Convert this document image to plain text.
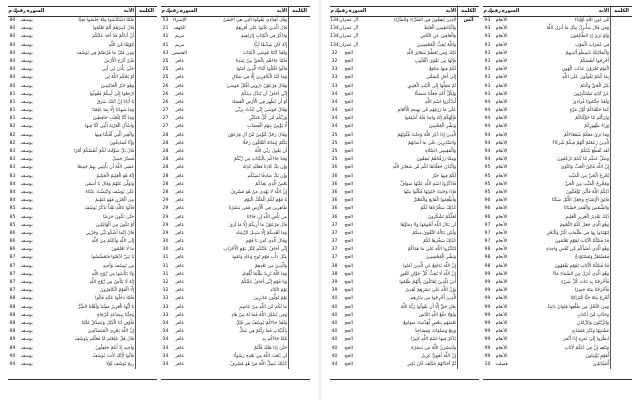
الكلمة
الآية
السورة
رقم
ك
م
وَقُل لِّعِبَادِي يَقُولُوا الَّتِي هِيَ أَحْسَنُ
الإسراء
53
قَالَ الَّذِينَ غَلَبُوا عَلَىٰ أَمْرِهِمْ
الكهف
21
وَاذْكُرْ فِي الْكِتَابِ إِبْرَاهِيمَ
مريم
41
إِنَّهُ كَانَ صِدِّيقًا نَّبِيًّا
مريم
41
وَلَقَدْ آتَيْنَا مُوسَى الْكِتَابَ
القصص
43
فَلَمَّا جَاءَهُم بِالْحَقِّ مِنْ عِندِنَا
غافر
25
قَالُوا اقْتُلُوا أَبْنَاءَ الَّذِينَ آمَنُوا
غافر
25
وَمَا كَيْدُ الْكَافِرِينَ إِلَّا فِي ضَلَالٍ
غافر
25
وَقَالَ فِرْعَوْنُ ذَرُونِي أَقْتُلْ مُوسَىٰ
غافر
26
إِنِّي أَخَافُ أَن يُبَدِّلَ دِينَكُمْ
غافر
26
أَوْ أَن يُظْهِرَ فِي الْأَرْضِ الْفَسَادَ
غافر
26
وَقَالَ مُوسَىٰ إِنِّي عُذْتُ بِرَبِّي
غافر
27
وَرَبِّكُم مِّن كُلِّ مُتَكَبِّرٍ
غافر
27
لَّا يُؤْمِنُ بِيَوْمِ الْحِسَابِ
غافر
27
وَقَالَ رَجُلٌ مُّؤْمِنٌ مِّنْ آلِ فِرْعَوْنَ
غافر
28
يَكْتُمُ إِيمَانَهُ أَتَقْتُلُونَ رَجُلًا
غافر
28
أَن يَقُولَ رَبِّيَ اللَّهُ
غافر
28
وَقَدْ جَاءَكُم بِالْبَيِّنَاتِ مِن رَّبِّكُمْ
غافر
28
وَإِن يَكُ كَاذِبًا فَعَلَيْهِ كَذِبُهُ
غافر
28
وَإِن يَكُ صَادِقًا يُصِبْكُم
غافر
28
بَعْضُ الَّذِي يَعِدُكُمْ
غافر
28
إِنَّ اللَّهَ لَا يَهْدِي مَنْ هُوَ مُسْرِفٌ
غافر
28
يَا قَوْمِ لَكُمُ الْمُلْكُ الْيَوْمَ
غافر
29
ظَاهِرِينَ فِي الْأَرْضِ فَمَن يَنصُرُنَا
غافر
29
مِن بَأْسِ اللَّهِ إِن جَاءَنَا
غافر
29
قَالَ فِرْعَوْنُ مَا أُرِيكُمْ إِلَّا مَا أَرَىٰ
غافر
29
وَمَا أَهْدِيكُمْ إِلَّا سَبِيلَ الرَّشَادِ
غافر
29
وَقَالَ الَّذِي آمَنَ يَا قَوْمِ
غافر
30
إِنِّي أَخَافُ عَلَيْكُم مِّثْلَ يَوْمِ الْأَحْزَابِ
غافر
30
مِثْلَ دَأْبِ قَوْمِ نُوحٍ وَعَادٍ وَثَمُودَ
غافر
31
وَالَّذِينَ مِن بَعْدِهِمْ
غافر
31
وَمَا اللَّهُ يُرِيدُ ظُلْمًا لِّلْعِبَادِ
غافر
31
وَيَا قَوْمِ إِنِّي أَخَافُ عَلَيْكُمْ
غافر
32
يَوْمَ التَّنَادِ
غافر
32
يَوْمَ تُوَلُّونَ مُدْبِرِينَ
غافر
33
مَا لَكُم مِّنَ اللَّهِ مِنْ عَاصِمٍ
غافر
33
وَمَن يُضْلِلِ اللَّهُ فَمَا لَهُ مِنْ هَادٍ
غافر
33
وَلَقَدْ جَاءَكُمْ يُوسُفُ مِن قَبْلُ
غافر
34
بِالْبَيِّنَاتِ فَمَا زِلْتُمْ فِي شَكٍّ
غافر
34
مِّمَّا جَاءَكُم بِهِ
غافر
34
حَتَّىٰ إِذَا هَلَكَ قُلْتُمْ
غافر
34
لَن يَبْعَثَ اللَّهُ مِن بَعْدِهِ رَسُولًا
غافر
34
كَذَٰلِكَ يُضِلُّ اللَّهُ مَنْ هُوَ مُسْرِفٌ
غافر
34
الكلمة
الآية
السورة
رقم
ك
م
فَلَمَّا اسْتَيْأَسُوا مِنْهُ خَلَصُوا نَجِيًّا
يوسف
80
قَالَ كَبِيرُهُمْ أَلَمْ تَعْلَمُوا
يوسف
80
أَنَّ أَبَاكُمْ قَدْ أَخَذَ عَلَيْكُم
يوسف
80
مَّوْثِقًا مِّنَ اللَّهِ
يوسف
80
وَمِن قَبْلُ مَا فَرَّطتُمْ فِي يُوسُفَ
يوسف
80
فَلَنْ أَبْرَحَ الْأَرْضَ
يوسف
80
حَتَّىٰ يَأْذَنَ لِي أَبِي
يوسف
80
أَوْ يَحْكُمَ اللَّهُ لِي
يوسف
80
وَهُوَ خَيْرُ الْحَاكِمِينَ
يوسف
80
ارْجِعُوا إِلَىٰ أَبِيكُمْ فَقُولُوا
يوسف
81
يَا أَبَانَا إِنَّ ابْنَكَ سَرَقَ
يوسف
81
وَمَا شَهِدْنَا إِلَّا بِمَا عَلِمْنَا
يوسف
81
وَمَا كُنَّا لِلْغَيْبِ حَافِظِينَ
يوسف
81
وَاسْأَلِ الْقَرْيَةَ الَّتِي كُنَّا فِيهَا
يوسف
82
وَالْعِيرَ الَّتِي أَقْبَلْنَا فِيهَا
يوسف
82
وَإِنَّا لَصَادِقُونَ
يوسف
82
قَالَ بَلْ سَوَّلَتْ لَكُمْ أَنفُسُكُمْ أَمْرًا
يوسف
83
فَصَبْرٌ جَمِيلٌ
يوسف
83
عَسَى اللَّهُ أَن يَأْتِيَنِي بِهِمْ جَمِيعًا
يوسف
83
إِنَّهُ هُوَ الْعَلِيمُ الْحَكِيمُ
يوسف
83
وَتَوَلَّىٰ عَنْهُمْ وَقَالَ يَا أَسَفَىٰ
يوسف
84
عَلَىٰ يُوسُفَ وَابْيَضَّتْ عَيْنَاهُ
يوسف
84
مِنَ الْحُزْنِ فَهُوَ كَظِيمٌ
يوسف
84
قَالُوا تَاللَّهِ تَفْتَأُ تَذْكُرُ يُوسُفَ
يوسف
85
حَتَّىٰ تَكُونَ حَرَضًا
يوسف
85
أَوْ تَكُونَ مِنَ الْهَالِكِينَ
يوسف
85
قَالَ إِنَّمَا أَشْكُو بَثِّي وَحُزْنِي
يوسف
86
إِلَى اللَّهِ وَأَعْلَمُ مِنَ اللَّهِ
يوسف
86
مَا لَا تَعْلَمُونَ
يوسف
86
يَا بَنِيَّ اذْهَبُوا فَتَحَسَّسُوا
يوسف
87
مِن يُوسُفَ وَأَخِيهِ
يوسف
87
وَلَا تَيْأَسُوا مِن رَّوْحِ اللَّهِ
يوسف
87
إِنَّهُ لَا يَيْأَسُ مِن رَّوْحِ اللَّهِ
يوسف
87
إِلَّا الْقَوْمُ الْكَافِرُونَ
يوسف
87
فَلَمَّا دَخَلُوا عَلَيْهِ قَالُوا
يوسف
88
يَا أَيُّهَا الْعَزِيزُ مَسَّنَا وَأَهْلَنَا الضُّرُّ
يوسف
88
وَجِئْنَا بِبِضَاعَةٍ مُّزْجَاةٍ
يوسف
88
فَأَوْفِ لَنَا الْكَيْلَ وَتَصَدَّقْ عَلَيْنَا
يوسف
88
إِنَّ اللَّهَ يَجْزِي الْمُتَصَدِّقِينَ
يوسف
88
قَالَ هَلْ عَلِمْتُم مَّا فَعَلْتُم بِيُوسُفَ
يوسف
89
وَأَخِيهِ إِذْ أَنتُمْ جَاهِلُونَ
يوسف
89
قَالُوا أَإِنَّكَ لَأَنتَ يُوسُفُ
يوسف
90
رِيحَ يُوسُفَ لَوْلَا
يوسف
94
الكلمة
الآية
السورة
رقم
ك
م
مِّن دُونِ اللَّهِ أَوْلِيَاءَ
الأنعام
93
وَمَن قَالَ سَأُنزِلُ مِثْلَ مَا أَنزَلَ اللَّهُ
الأنعام
93
وَلَوْ تَرَىٰ إِذِ الظَّالِمُونَ
الأنعام
93
فِي غَمَرَاتِ الْمَوْتِ
الأنعام
93
وَالْمَلَائِكَةُ بَاسِطُو أَيْدِيهِمْ
الأنعام
93
أَخْرِجُوا أَنفُسَكُمُ
الأنعام
93
الْيَوْمَ تُجْزَوْنَ عَذَابَ الْهُونِ
الأنعام
93
بِمَا كُنتُمْ تَقُولُونَ عَلَى اللَّهِ
الأنعام
93
غَيْرَ الْحَقِّ وَكُنتُمْ
الأنعام
93
عَنْ آيَاتِهِ تَسْتَكْبِرُونَ
الأنعام
93
وَلَقَدْ جِئْتُمُونَا فُرَادَىٰ
الأنعام
94
كَمَا خَلَقْنَاكُمْ أَوَّلَ مَرَّةٍ
الأنعام
94
وَتَرَكْتُم مَّا خَوَّلْنَاكُمْ
الأنعام
94
وَرَاءَ ظُهُورِكُمْ
الأنعام
94
وَمَا نَرَىٰ مَعَكُمْ شُفَعَاءَكُمُ
الأنعام
94
الَّذِينَ زَعَمْتُمْ أَنَّهُمْ فِيكُمْ شُرَكَاءُ
الأنعام
94
لَقَد تَّقَطَّعَ بَيْنَكُمْ
الأنعام
94
وَضَلَّ عَنكُم مَّا كُنتُمْ تَزْعُمُونَ
الأنعام
94
إِنَّ اللَّهَ فَالِقُ الْحَبِّ وَالنَّوَىٰ
الأنعام
95
يُخْرِجُ الْحَيَّ مِنَ الْمَيِّتِ
الأنعام
95
وَمُخْرِجُ الْمَيِّتِ مِنَ الْحَيِّ
الأنعام
95
ذَٰلِكُمُ اللَّهُ فَأَنَّىٰ تُؤْفَكُونَ
الأنعام
95
فَالِقُ الْإِصْبَاحِ وَجَعَلَ اللَّيْلَ سَكَنًا
الأنعام
96
وَالشَّمْسَ وَالْقَمَرَ حُسْبَانًا
الأنعام
96
ذَٰلِكَ تَقْدِيرُ الْعَزِيزِ الْعَلِيمِ
الأنعام
96
وَهُوَ الَّذِي جَعَلَ لَكُمُ النُّجُومَ
الأنعام
97
لِتَهْتَدُوا بِهَا فِي ظُلُمَاتِ الْبَرِّ وَالْبَحْرِ
الأنعام
97
قَدْ فَصَّلْنَا الْآيَاتِ لِقَوْمٍ يَعْلَمُونَ
الأنعام
97
وَهُوَ الَّذِي أَنشَأَكُم مِّن نَّفْسٍ وَاحِدَةٍ
الأنعام
98
فَمُسْتَقَرٌّ وَمُسْتَوْدَعٌ
الأنعام
98
قَدْ فَصَّلْنَا الْآيَاتِ لِقَوْمٍ يَفْقَهُونَ
الأنعام
98
وَهُوَ الَّذِي أَنزَلَ مِنَ السَّمَاءِ مَاءً
الأنعام
99
فَأَخْرَجْنَا بِهِ نَبَاتَ كُلِّ شَيْءٍ
الأنعام
99
فَأَخْرَجْنَا مِنْهُ خَضِرًا
الأنعام
99
نُّخْرِجُ مِنْهُ حَبًّا مُّتَرَاكِبًا
الأنعام
99
وَمِنَ النَّخْلِ مِن طَلْعِهَا قِنْوَانٌ دَانِيَةٌ
الأنعام
99
وَجَنَّاتٍ مِّنْ أَعْنَابٍ
الأنعام
99
وَالزَّيْتُونَ وَالرُّمَّانَ
الأنعام
99
مُشْتَبِهًا وَغَيْرَ مُتَشَابِهٍ
الأنعام
99
انظُرُوا إِلَىٰ ثَمَرِهِ إِذَا أَثْمَرَ
الأنعام
99
وَيَنْعِهِ إِنَّ فِي ذَٰلِكُمْ لَآيَاتٍ
الأنعام
99
لِّقَوْمٍ يُؤْمِنُونَ
الأنعام
99
لِّلسَّائِلِينَ
فصلت
10
الكلمة
الآية
السورة
رقم
ك
م
أَنْسَ
الَّذِينَ يُنفِقُونَ فِي السَّرَّاءِ وَالضَّرَّاءِ
آل عمران
134
وَالْكَاظِمِينَ الْغَيْظَ
آل عمران
134
وَالْعَافِينَ عَنِ النَّاسِ
آل عمران
134
وَاللَّهُ يُحِبُّ الْمُحْسِنِينَ
آل عمران
134
ذَٰلِكَ وَمَن يُعَظِّمْ شَعَائِرَ اللَّهِ
الحج
32
فَإِنَّهَا مِن تَقْوَى الْقُلُوبِ
الحج
32
لَكُمْ فِيهَا مَنَافِعُ
الحج
33
إِلَىٰ أَجَلٍ مُّسَمًّى
الحج
33
ثُمَّ مَحِلُّهَا إِلَى الْبَيْتِ الْعَتِيقِ
الحج
33
وَلِكُلِّ أُمَّةٍ جَعَلْنَا مَنسَكًا
الحج
34
لِّيَذْكُرُوا اسْمَ اللَّهِ
الحج
34
عَلَىٰ مَا رَزَقَهُم مِّن بَهِيمَةِ الْأَنْعَامِ
الحج
34
فَإِلَٰهُكُمْ إِلَٰهٌ وَاحِدٌ فَلَهُ أَسْلِمُوا
الحج
34
وَبَشِّرِ الْمُخْبِتِينَ
الحج
34
الَّذِينَ إِذَا ذُكِرَ اللَّهُ وَجِلَتْ قُلُوبُهُمْ
الحج
35
وَالصَّابِرِينَ عَلَىٰ مَا أَصَابَهُمْ
الحج
35
وَالْمُقِيمِي الصَّلَاةِ
الحج
35
وَمِمَّا رَزَقْنَاهُمْ يُنفِقُونَ
الحج
35
وَالْبُدْنَ جَعَلْنَاهَا لَكُم مِّن شَعَائِرِ اللَّهِ
الحج
36
لَكُمْ فِيهَا خَيْرٌ
الحج
36
فَاذْكُرُوا اسْمَ اللَّهِ عَلَيْهَا صَوَافَّ
الحج
36
فَإِذَا وَجَبَتْ جُنُوبُهَا فَكُلُوا مِنْهَا
الحج
36
وَأَطْعِمُوا الْقَانِعَ وَالْمُعْتَرَّ
الحج
36
كَذَٰلِكَ سَخَّرْنَاهَا لَكُمْ
الحج
36
لَعَلَّكُمْ تَشْكُرُونَ
الحج
36
لَن يَنَالَ اللَّهَ لُحُومُهَا وَلَا دِمَاؤُهَا
الحج
37
وَلَٰكِن يَنَالُهُ التَّقْوَىٰ مِنكُمْ
الحج
37
كَذَٰلِكَ سَخَّرَهَا لَكُمْ
الحج
37
لِتُكَبِّرُوا اللَّهَ عَلَىٰ مَا هَدَاكُمْ
الحج
37
وَبَشِّرِ الْمُحْسِنِينَ
الحج
37
إِنَّ اللَّهَ يُدَافِعُ عَنِ الَّذِينَ آمَنُوا
الحج
38
إِنَّ اللَّهَ لَا يُحِبُّ كُلَّ خَوَّانٍ كَفُورٍ
الحج
38
أُذِنَ لِلَّذِينَ يُقَاتَلُونَ بِأَنَّهُمْ ظُلِمُوا
الحج
39
وَإِنَّ اللَّهَ عَلَىٰ نَصْرِهِمْ لَقَدِيرٌ
الحج
39
الَّذِينَ أُخْرِجُوا مِن دِيَارِهِم
الحج
40
بِغَيْرِ حَقٍّ إِلَّا أَن يَقُولُوا رَبُّنَا اللَّهُ
الحج
40
وَلَوْلَا دَفْعُ اللَّهِ النَّاسَ
الحج
40
بَعْضَهُم بِبَعْضٍ لَّهُدِّمَتْ صَوَامِعُ
الحج
40
وَبِيَعٌ وَصَلَوَاتٌ وَمَسَاجِدُ
الحج
40
يُذْكَرُ فِيهَا اسْمُ اللَّهِ كَثِيرًا
الحج
40
وَلَيَنصُرَنَّ اللَّهُ مَن يَنصُرُهُ
الحج
40
إِنَّ اللَّهَ لَقَوِيٌّ عَزِيزٌ
الحج
40
ثُمَّ أَخَذْتُهُمْ فَكَيْفَ كَانَ نَكِيرِ
الحج
44
